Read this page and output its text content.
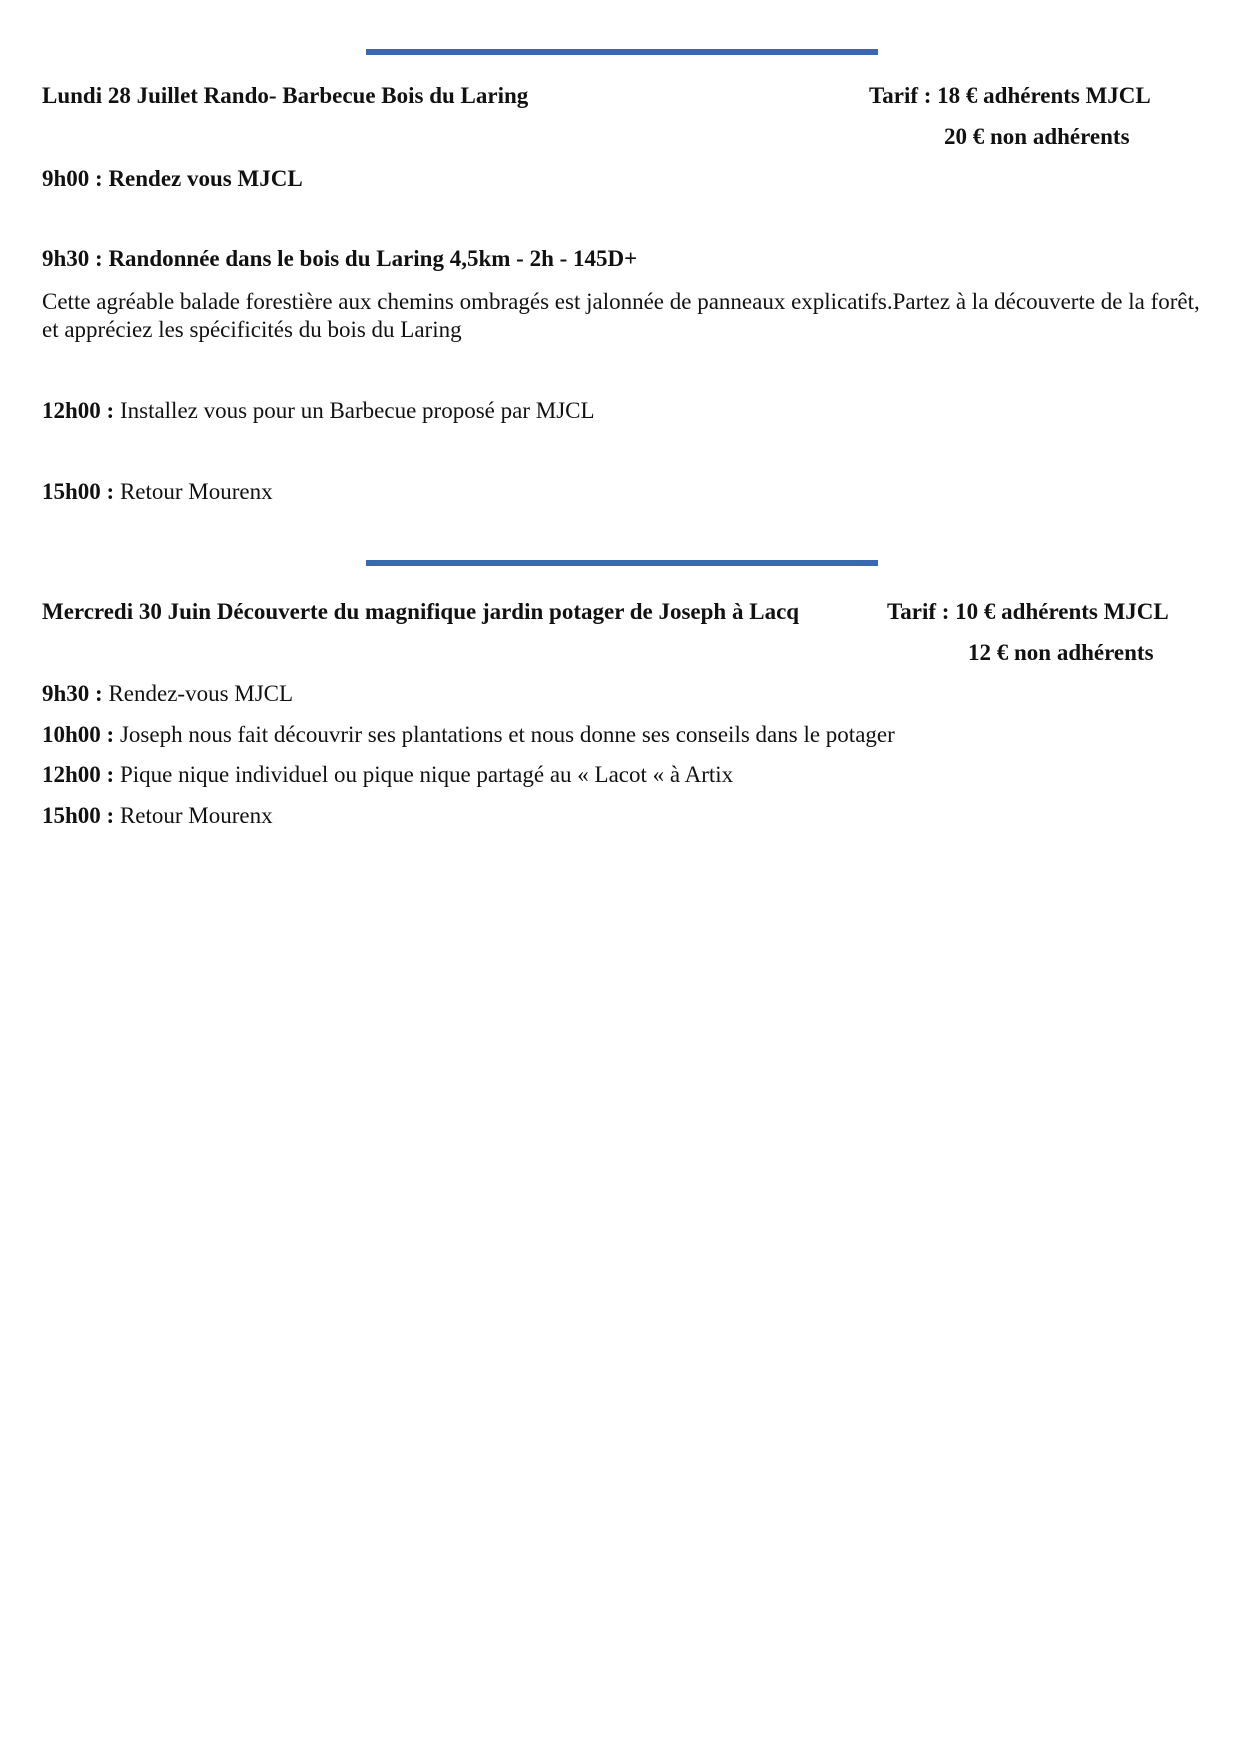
Lundi 28 Juillet Rando- Barbecue Bois du Laring	Tarif : 18 € adhérents MJCL
20 € non adhérents
9h00 : Rendez vous MJCL
9h30 : Randonnée dans le bois du Laring 4,5km - 2h - 145D+
Cette agréable balade forestière aux chemins ombragés est jalonnée de panneaux explicatifs.Partez à la découverte de la forêt, et appréciez les spécificités du bois du Laring
12h00 : Installez vous pour un Barbecue proposé par MJCL
15h00 : Retour Mourenx
Mercredi 30 Juin Découverte du magnifique jardin potager de Joseph à Lacq	Tarif : 10 € adhérents MJCL
12 € non adhérents
9h30 : Rendez-vous MJCL
10h00 : Joseph nous fait découvrir ses plantations et nous donne ses conseils dans le potager
12h00 : Pique nique individuel ou pique nique partagé au « Lacot « à Artix
15h00 : Retour Mourenx
